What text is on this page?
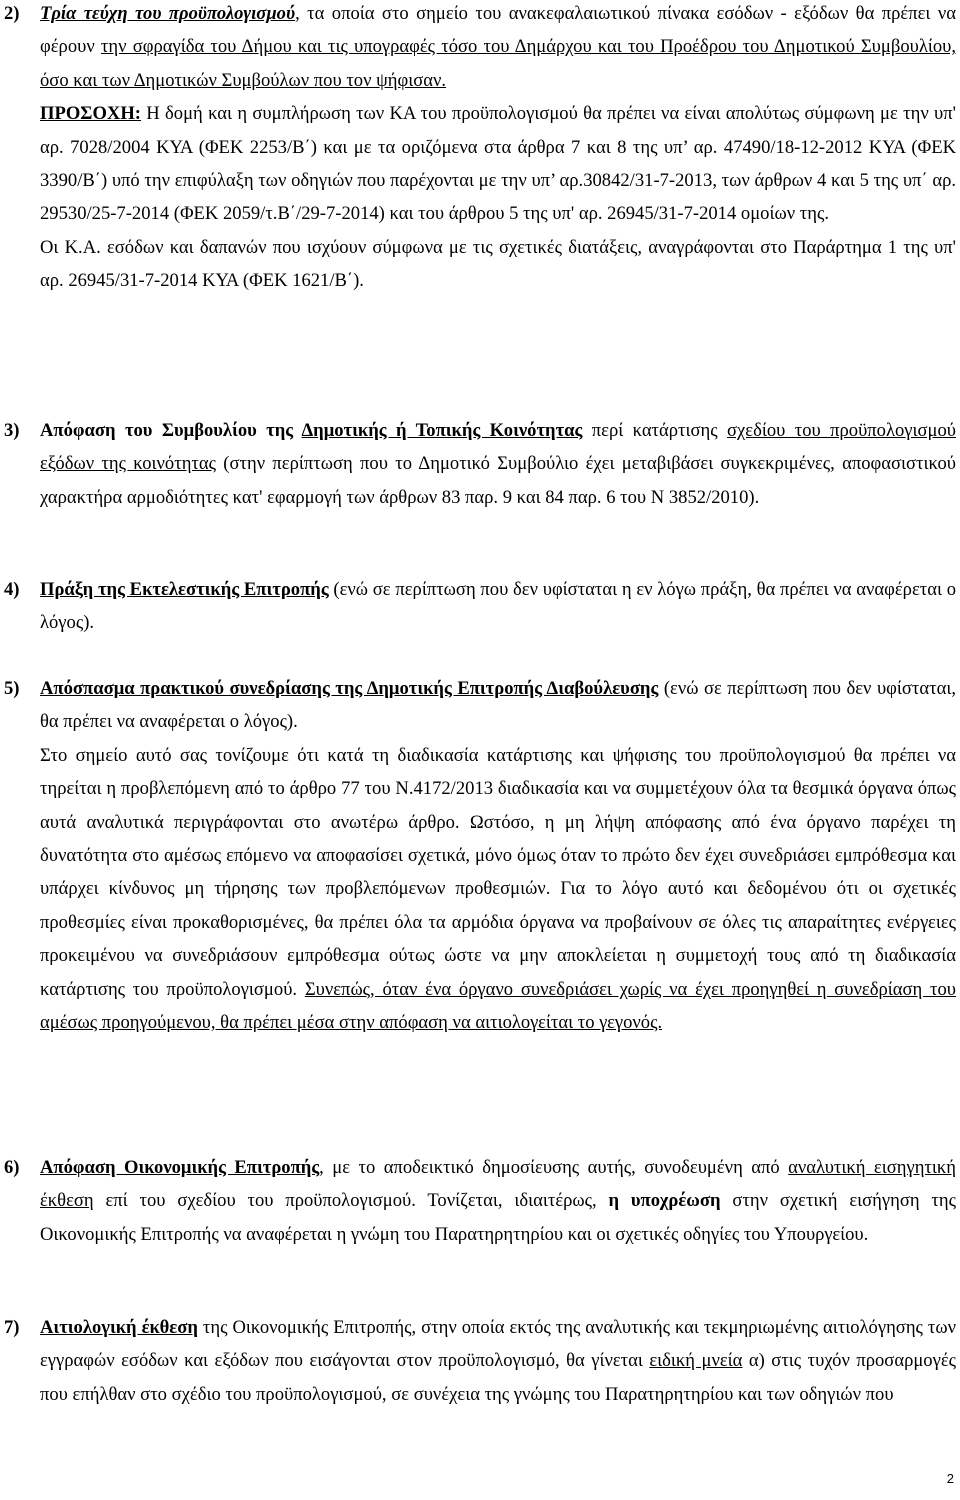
2) Τρία τεύχη του προϋπολογισμού, τα οποία στο σημείο του ανακεφαλαιωτικού πίνακα εσόδων - εξόδων θα πρέπει να φέρουν την σφραγίδα του Δήμου και τις υπογραφές τόσο του Δημάρχου και του Προέδρου του Δημοτικού Συμβουλίου, όσο και των Δημοτικών Συμβούλων που τον ψήφισαν.

ΠΡΟΣΟΧΗ: Η δομή και η συμπλήρωση των ΚΑ του προϋπολογισμού θα πρέπει να είναι απολύτως σύμφωνη με την υπ' αρ. 7028/2004 ΚΥΑ (ΦΕΚ 2253/Β΄) και με τα οριζόμενα στα άρθρα 7 και 8 της υπ’ αρ. 47490/18-12-2012 ΚΥΑ (ΦΕΚ 3390/Β΄) υπό την επιφύλαξη των οδηγιών που παρέχονται με την υπ’ αρ.30842/31-7-2013, των άρθρων 4 και 5 της υπ΄ αρ. 29530/25-7-2014 (ΦΕΚ 2059/τ.Β΄/29-7-2014) και του άρθρου 5 της υπ' αρ. 26945/31-7-2014 ομοίων της.

Οι Κ.Α. εσόδων και δαπανών που ισχύουν σύμφωνα με τις σχετικές διατάξεις, αναγράφονται στο Παράρτημα 1 της υπ' αρ. 26945/31-7-2014 ΚΥΑ (ΦΕΚ 1621/Β΄).

3) Απόφαση του Συμβουλίου της Δημοτικής ή Τοπικής Κοινότητας περί κατάρτισης σχεδίου του προϋπολογισμού εξόδων της κοινότητας (στην περίπτωση που το Δημοτικό Συμβούλιο έχει μεταβιβάσει συγκεκριμένες, αποφασιστικού χαρακτήρα αρμοδιότητες κατ' εφαρμογή των άρθρων 83 παρ. 9 και 84 παρ. 6 του Ν 3852/2010).

4) Πράξη της Εκτελεστικής Επιτροπής (ενώ σε περίπτωση που δεν υφίσταται η εν λόγω πράξη, θα πρέπει να αναφέρεται ο λόγος).

5) Απόσπασμα πρακτικού συνεδρίασης της Δημοτικής Επιτροπής Διαβούλευσης (ενώ σε περίπτωση που δεν υφίσταται, θα πρέπει να αναφέρεται ο λόγος).

Στο σημείο αυτό σας τονίζουμε ότι κατά τη διαδικασία κατάρτισης και ψήφισης του προϋπολογισμού θα πρέπει να τηρείται η προβλεπόμενη από το άρθρο 77 του Ν.4172/2013 διαδικασία και να συμμετέχουν όλα τα θεσμικά όργανα όπως αυτά αναλυτικά περιγράφονται στο ανωτέρω άρθρο. Ωστόσο, η μη λήψη απόφασης από ένα όργανο παρέχει τη δυνατότητα στο αμέσως επόμενο να αποφασίσει σχετικά, μόνο όμως όταν το πρώτο δεν έχει συνεδριάσει εμπρόθεσμα και υπάρχει κίνδυνος μη τήρησης των προβλεπόμενων προθεσμιών. Για το λόγο αυτό και δεδομένου ότι οι σχετικές προθεσμίες είναι προκαθορισμένες, θα πρέπει όλα τα αρμόδια όργανα να προβαίνουν σε όλες τις απαραίτητες ενέργειες προκειμένου να συνεδριάσουν εμπρόθεσμα ούτως ώστε να μην αποκλείεται η συμμετοχή τους από τη διαδικασία κατάρτισης του προϋπολογισμού. Συνεπώς, όταν ένα όργανο συνεδριάσει χωρίς να έχει προηγηθεί η συνεδρίαση του αμέσως προηγούμενου, θα πρέπει μέσα στην απόφαση να αιτιολογείται το γεγονός.

6) Απόφαση Οικονομικής Επιτροπής, με το αποδεικτικό δημοσίευσης αυτής, συνοδευμένη από αναλυτική εισηγητική έκθεση επί του σχεδίου του προϋπολογισμού. Τονίζεται, ιδιαιτέρως, η υποχρέωση στην σχετική εισήγηση της Οικονομικής Επιτροπής να αναφέρεται η γνώμη του Παρατηρητηρίου και οι σχετικές οδηγίες του Υπουργείου.

7) Αιτιολογική έκθεση της Οικονομικής Επιτροπής, στην οποία εκτός της αναλυτικής και τεκμηριωμένης αιτιολόγησης των εγγραφών εσόδων και εξόδων που εισάγονται στον προϋπολογισμό, θα γίνεται ειδική μνεία α) στις τυχόν προσαρμογές που επήλθαν στο σχέδιο του προϋπολογισμού, σε συνέχεια της γνώμης του Παρατηρητηρίου και των οδηγιών που

2
